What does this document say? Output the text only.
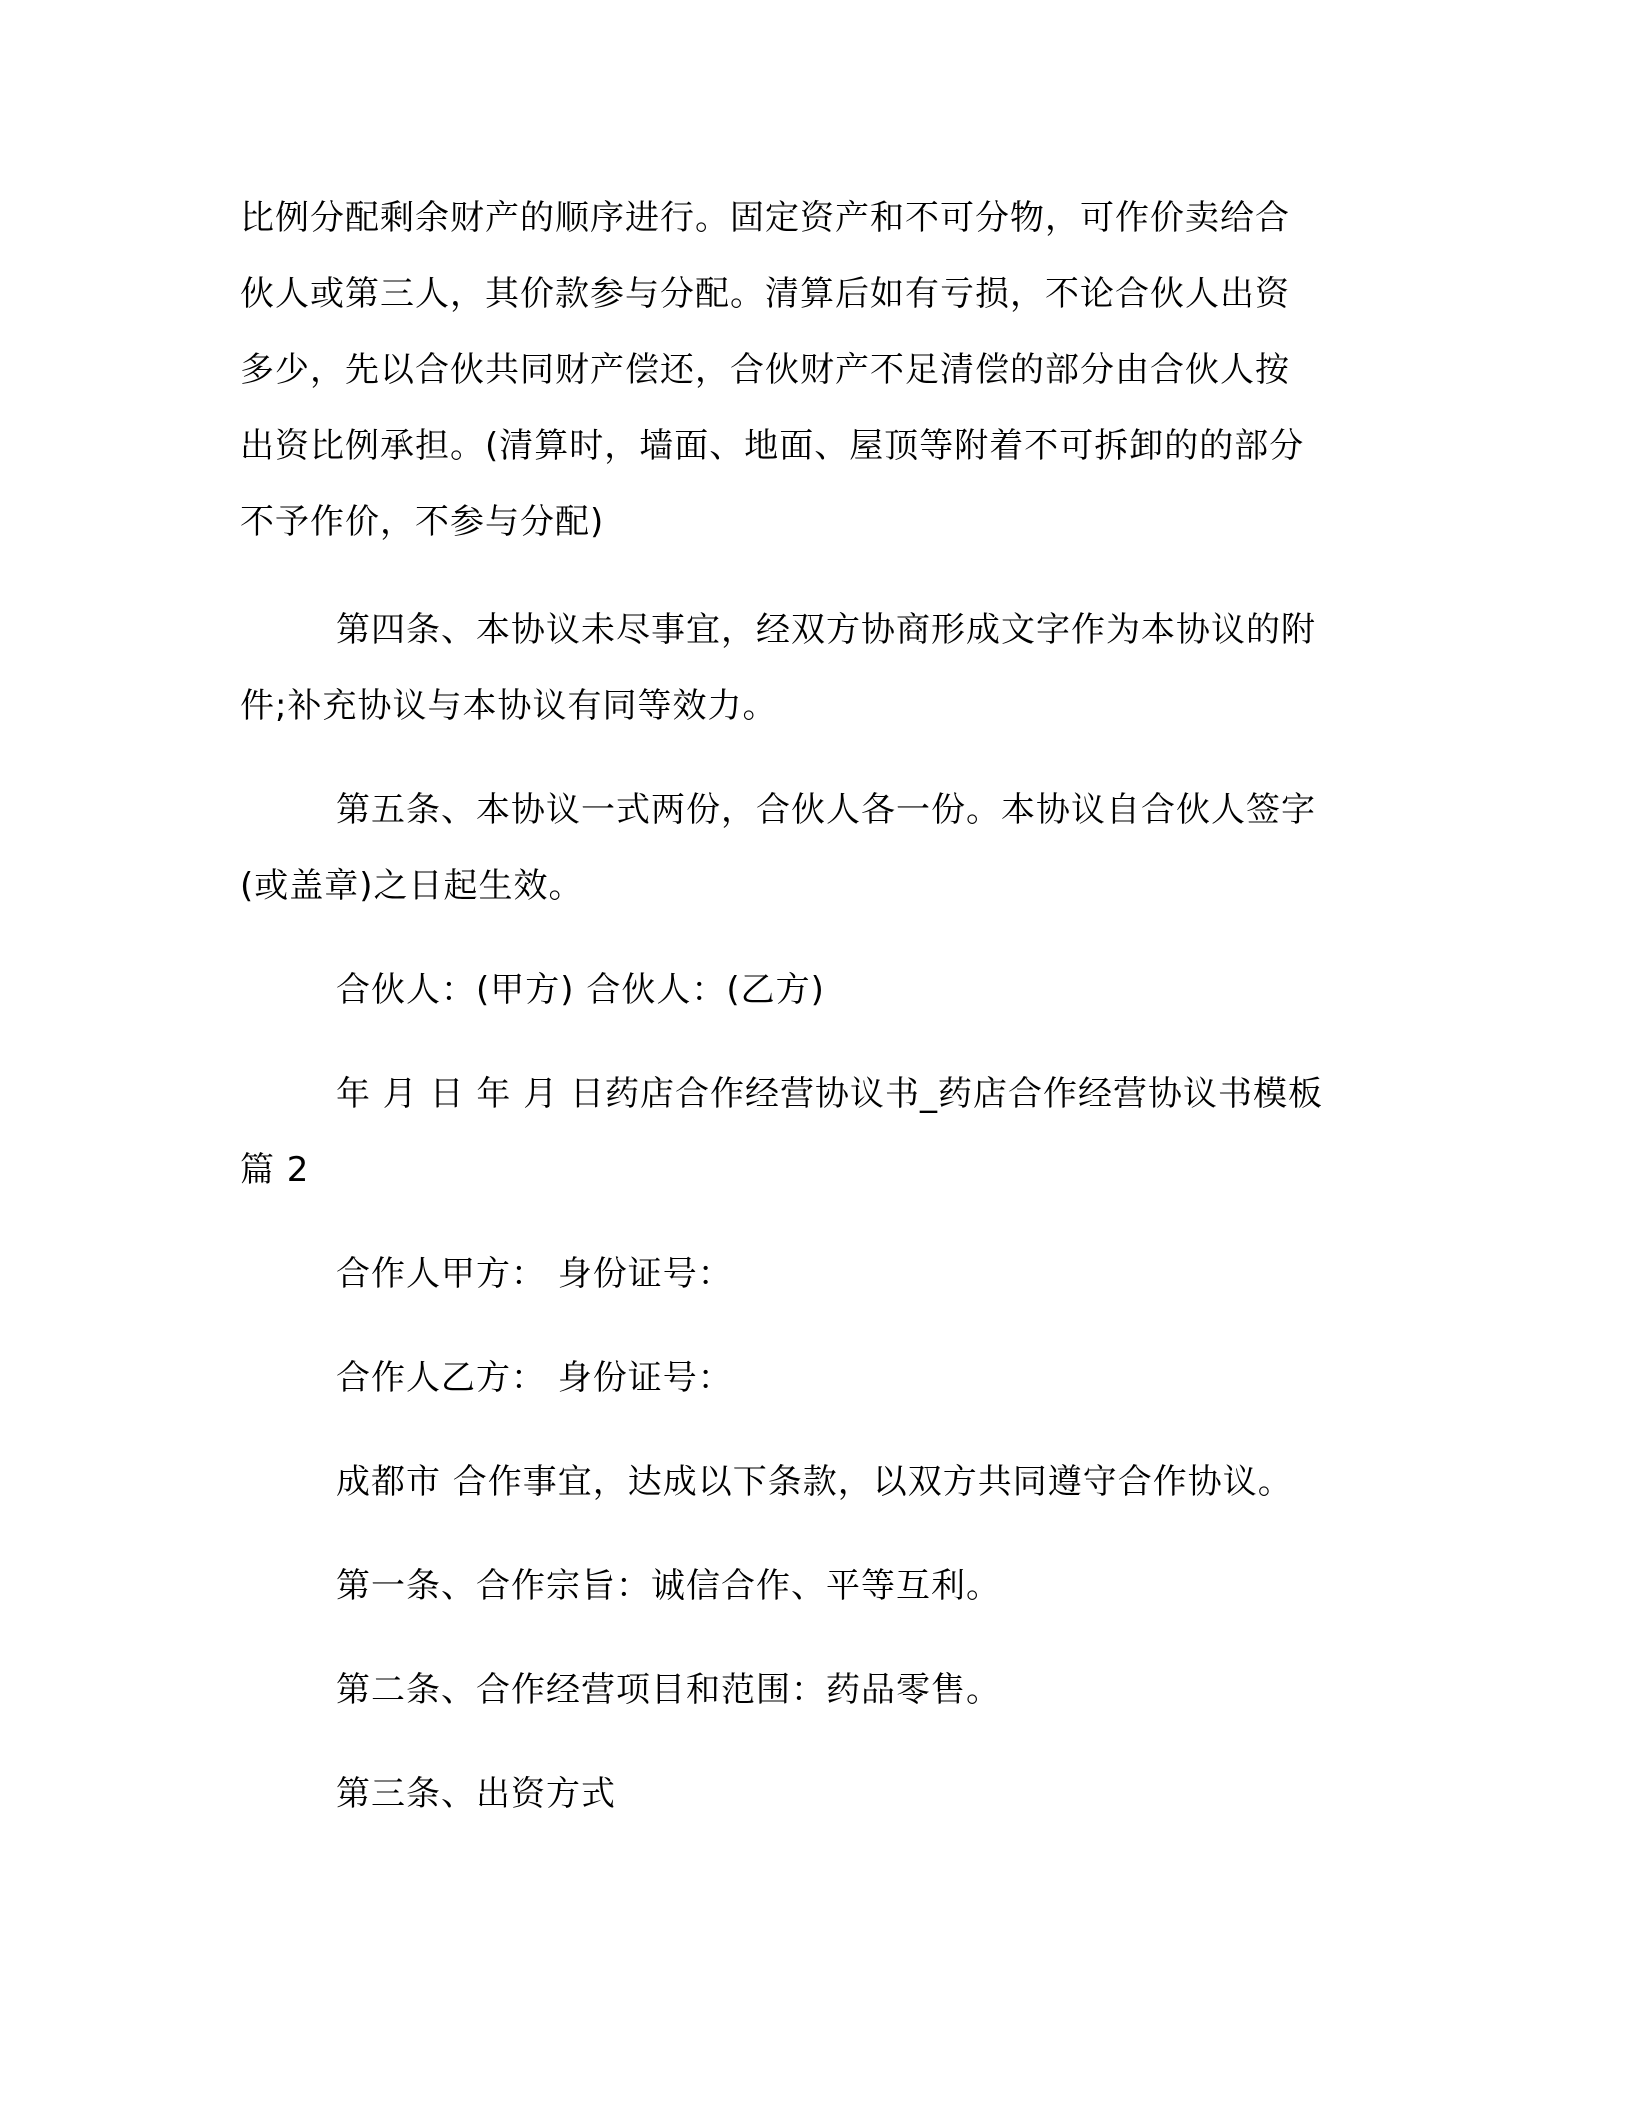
比例分配剩余财产的顺序进行。固定资产和不可分物，可作价卖给合
伙人或第三人，其价款参与分配。清算后如有亏损，不论合伙人出资
多少，先以合伙共同财产偿还，合伙财产不足清偿的部分由合伙人按
出资比例承担。(清算时，墙面、地面、屋顶等附着不可拆卸的的部分
不予作价，不参与分配)
第四条、本协议未尽事宜，经双方协商形成文字作为本协议的附
件;补充协议与本协议有同等效力。
第五条、本协议一式两份，合伙人各一份。本协议自合伙人签字
(或盖章)之日起生效。
合伙人：(甲方) 合伙人：(乙方)
年 月 日 年 月 日药店合作经营协议书_药店合作经营协议书模板
篇 2
合作人甲方： 身份证号：
合作人乙方： 身份证号：
成都市 合作事宜，达成以下条款，以双方共同遵守合作协议。
第一条、合作宗旨：诚信合作、平等互利。
第二条、合作经营项目和范围：药品零售。
第三条、出资方式
